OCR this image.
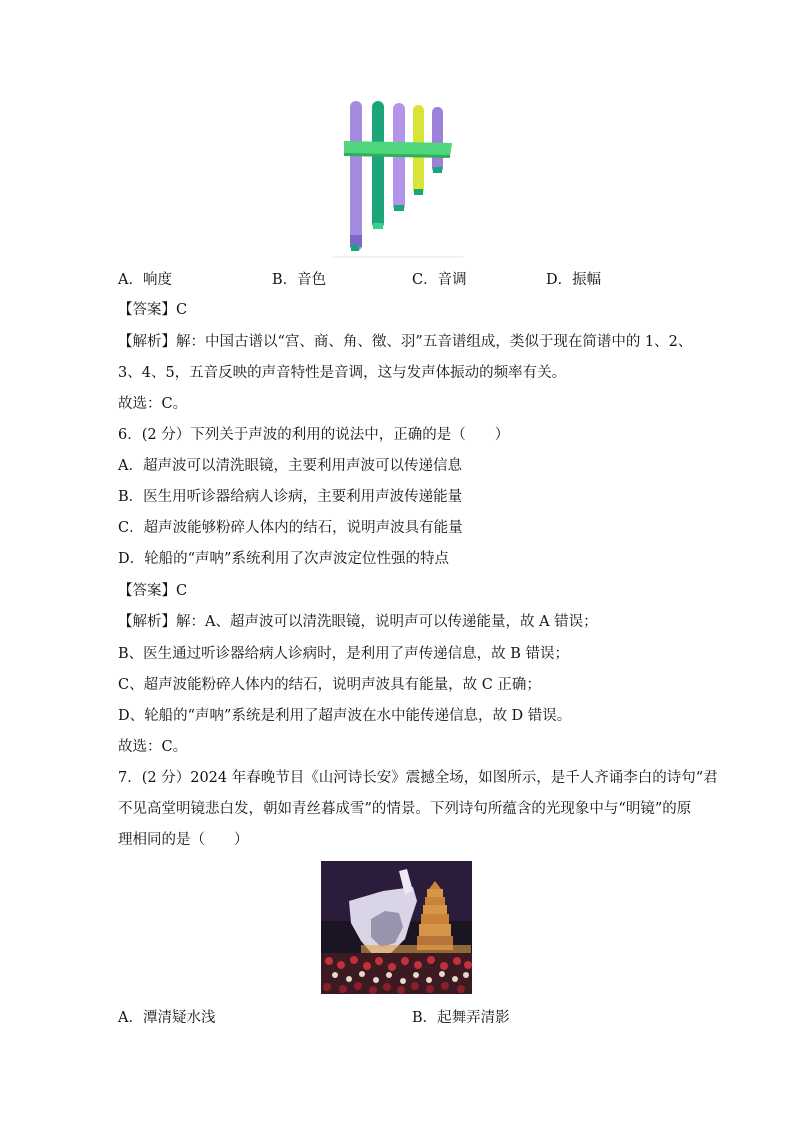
A．响度	B．音色	C．音调	D．振幅
【答案】C
【解析】解：中国古谱以“宫、商、角、徵、羽”五音谱组成，类似于现在简谱中的 1、2、
3、4、5，五音反映的声音特性是音调，这与发声体振动的频率有关。
故选：C。
6．(2 分）下列关于声波的利用的说法中，正确的是（　　）
A．超声波可以清洗眼镜，主要利用声波可以传递信息
B．医生用听诊器给病人诊病，主要利用声波传递能量
C．超声波能够粉碎人体内的结石，说明声波具有能量
D．轮船的“声呐”系统利用了次声波定位性强的特点
【答案】C
【解析】解：A、超声波可以清洗眼镜，说明声可以传递能量，故 A 错误；
B、医生通过听诊器给病人诊病时，是利用了声传递信息，故 B 错误；
C、超声波能粉碎人体内的结石，说明声波具有能量，故 C 正确；
D、轮船的“声呐”系统是利用了超声波在水中能传递信息，故 D 错误。
故选：C。
7．(2 分）2024 年春晚节目《山河诗长安》震撼全场，如图所示，是千人齐诵李白的诗句“君
不见高堂明镜悲白发，朝如青丝暮成雪”的情景。下列诗句所蕴含的光现象中与“明镜”的原
理相同的是（　　）
A．潭清疑水浅	B．起舞弄清影
